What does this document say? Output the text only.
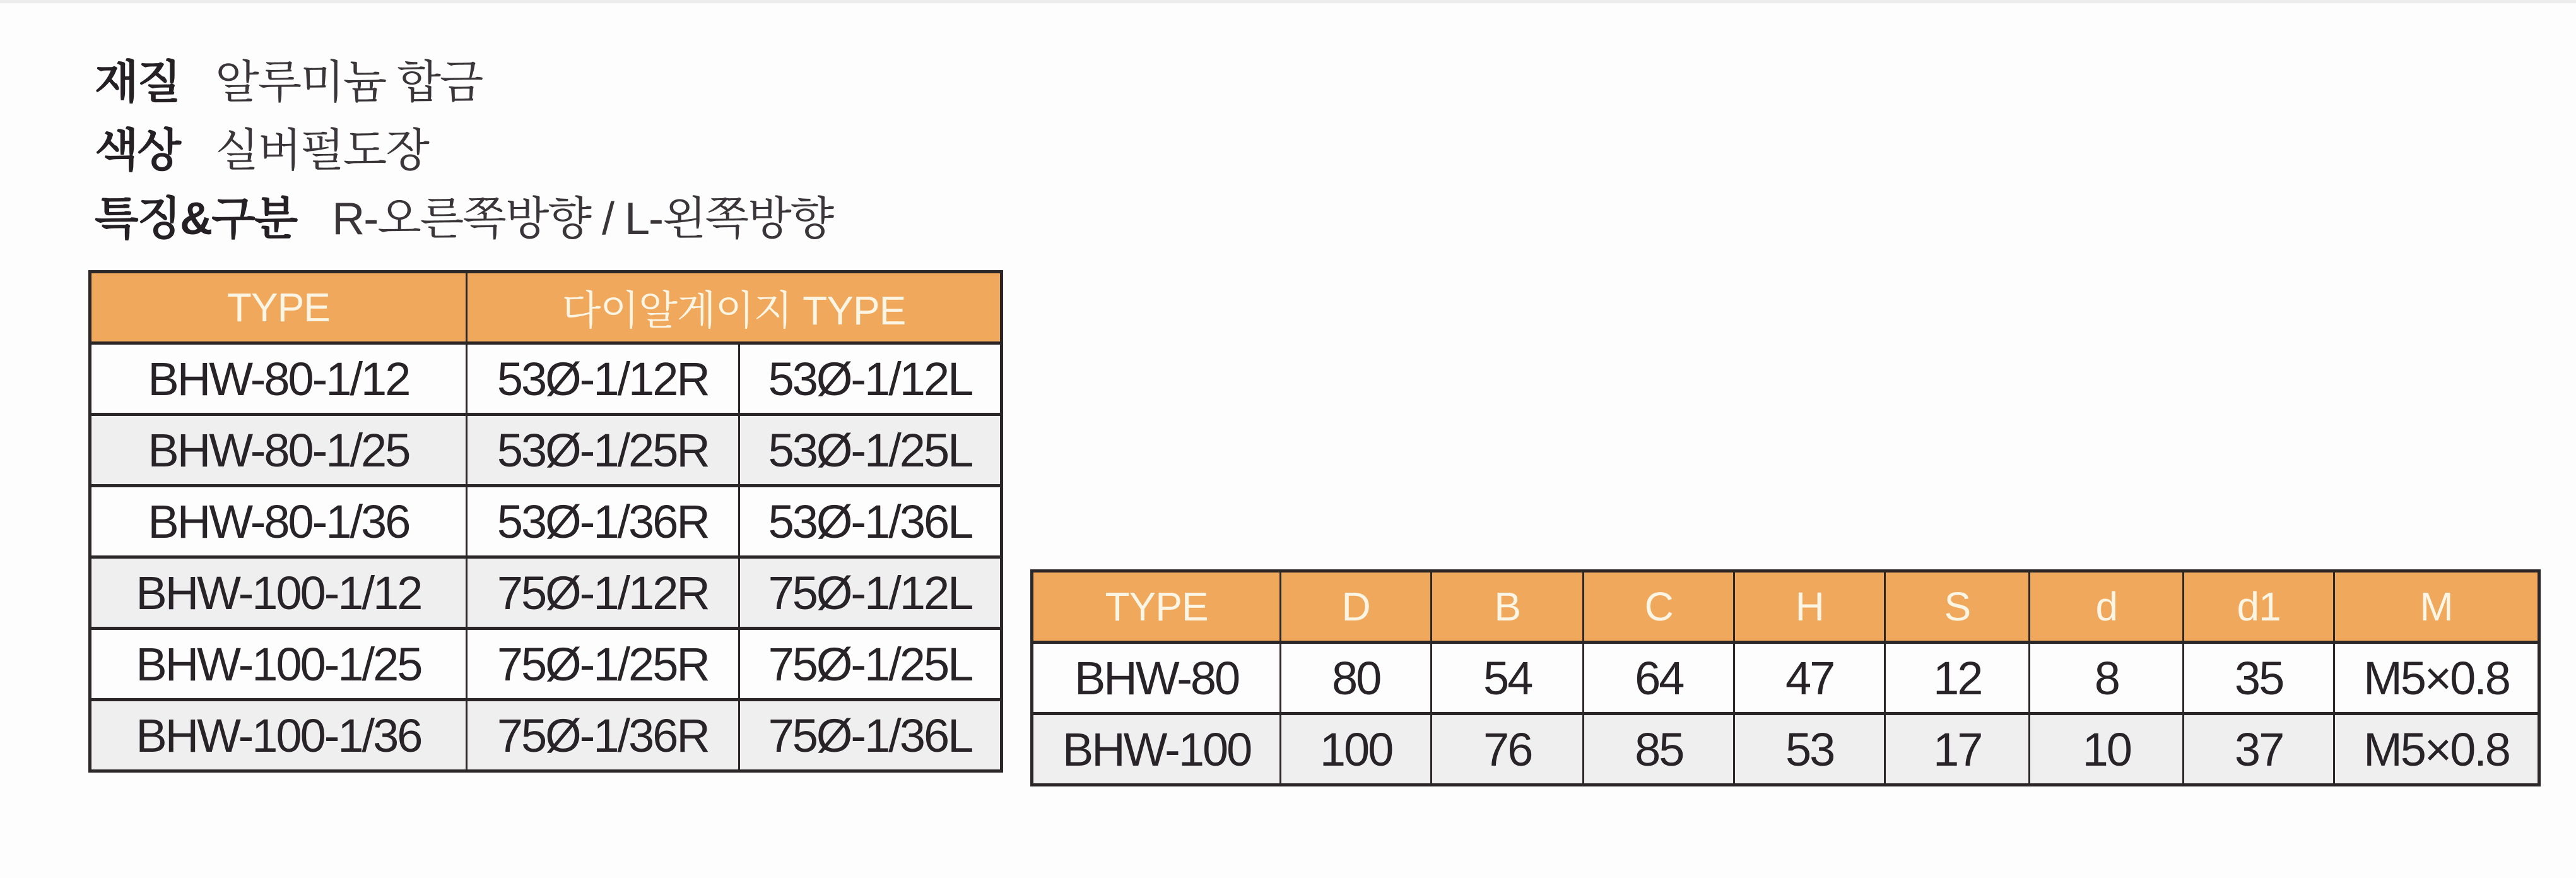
재질 알루미늄 합금
색상 실버펄도장
특징&구분 R-오른쪽방향 / L-왼쪽방향
TYPE	다이알게이지 TYPE	
BHW-80-1/12	53Ø-1/12R	53Ø-1/12L
BHW-80-1/25	53Ø-1/25R	53Ø-1/25L
BHW-80-1/36	53Ø-1/36R	53Ø-1/36L
BHW-100-1/12	75Ø-1/12R	75Ø-1/12L
BHW-100-1/25	75Ø-1/25R	75Ø-1/25L
BHW-100-1/36	75Ø-1/36R	75Ø-1/36L
TYPE	D	B	C	H	S	d	d1	M
BHW-80	80	54	64	47	12	8	35	M5×0.8
BHW-100	100	76	85	53	17	10	37	M5×0.8
